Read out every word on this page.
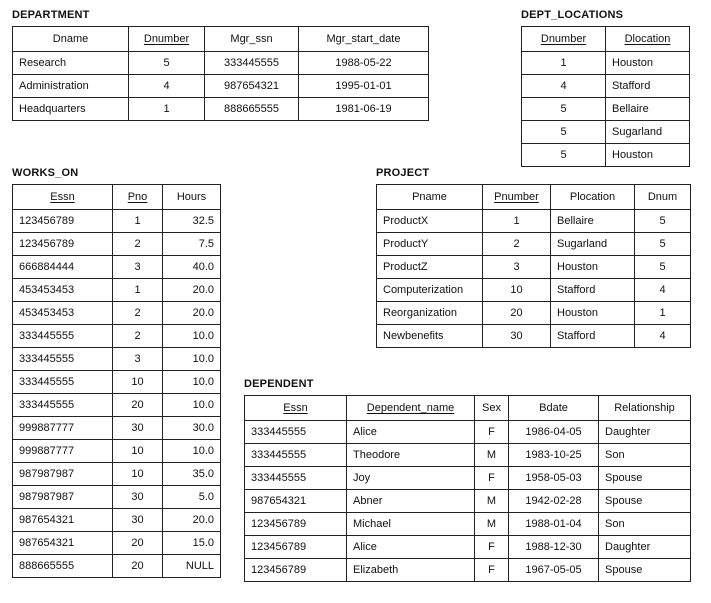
DEPARTMENT
Dname	Dnumber	Mgr_ssn	Mgr_start_date
Research	5	333445555	1988-05-22
Administration	4	987654321	1995-01-01
Headquarters	1	888665555	1981-06-19
DEPT_LOCATIONS
Dnumber	Dlocation
1	Houston
4	Stafford
5	Bellaire
5	Sugarland
5	Houston
WORKS_ON
Essn	Pno	Hours
123456789	1	32.5
123456789	2	7.5
666884444	3	40.0
453453453	1	20.0
453453453	2	20.0
333445555	2	10.0
333445555	3	10.0
333445555	10	10.0
333445555	20	10.0
999887777	30	30.0
999887777	10	10.0
987987987	10	35.0
987987987	30	5.0
987654321	30	20.0
987654321	20	15.0
888665555	20	NULL
PROJECT
Pname	Pnumber	Plocation	Dnum
ProductX	1	Bellaire	5
ProductY	2	Sugarland	5
ProductZ	3	Houston	5
Computerization	10	Stafford	4
Reorganization	20	Houston	1
Newbenefits	30	Stafford	4
DEPENDENT
Essn	Dependent_name	Sex	Bdate	Relationship
333445555	Alice	F	1986-04-05	Daughter
333445555	Theodore	M	1983-10-25	Son
333445555	Joy	F	1958-05-03	Spouse
987654321	Abner	M	1942-02-28	Spouse
123456789	Michael	M	1988-01-04	Son
123456789	Alice	F	1988-12-30	Daughter
123456789	Elizabeth	F	1967-05-05	Spouse
